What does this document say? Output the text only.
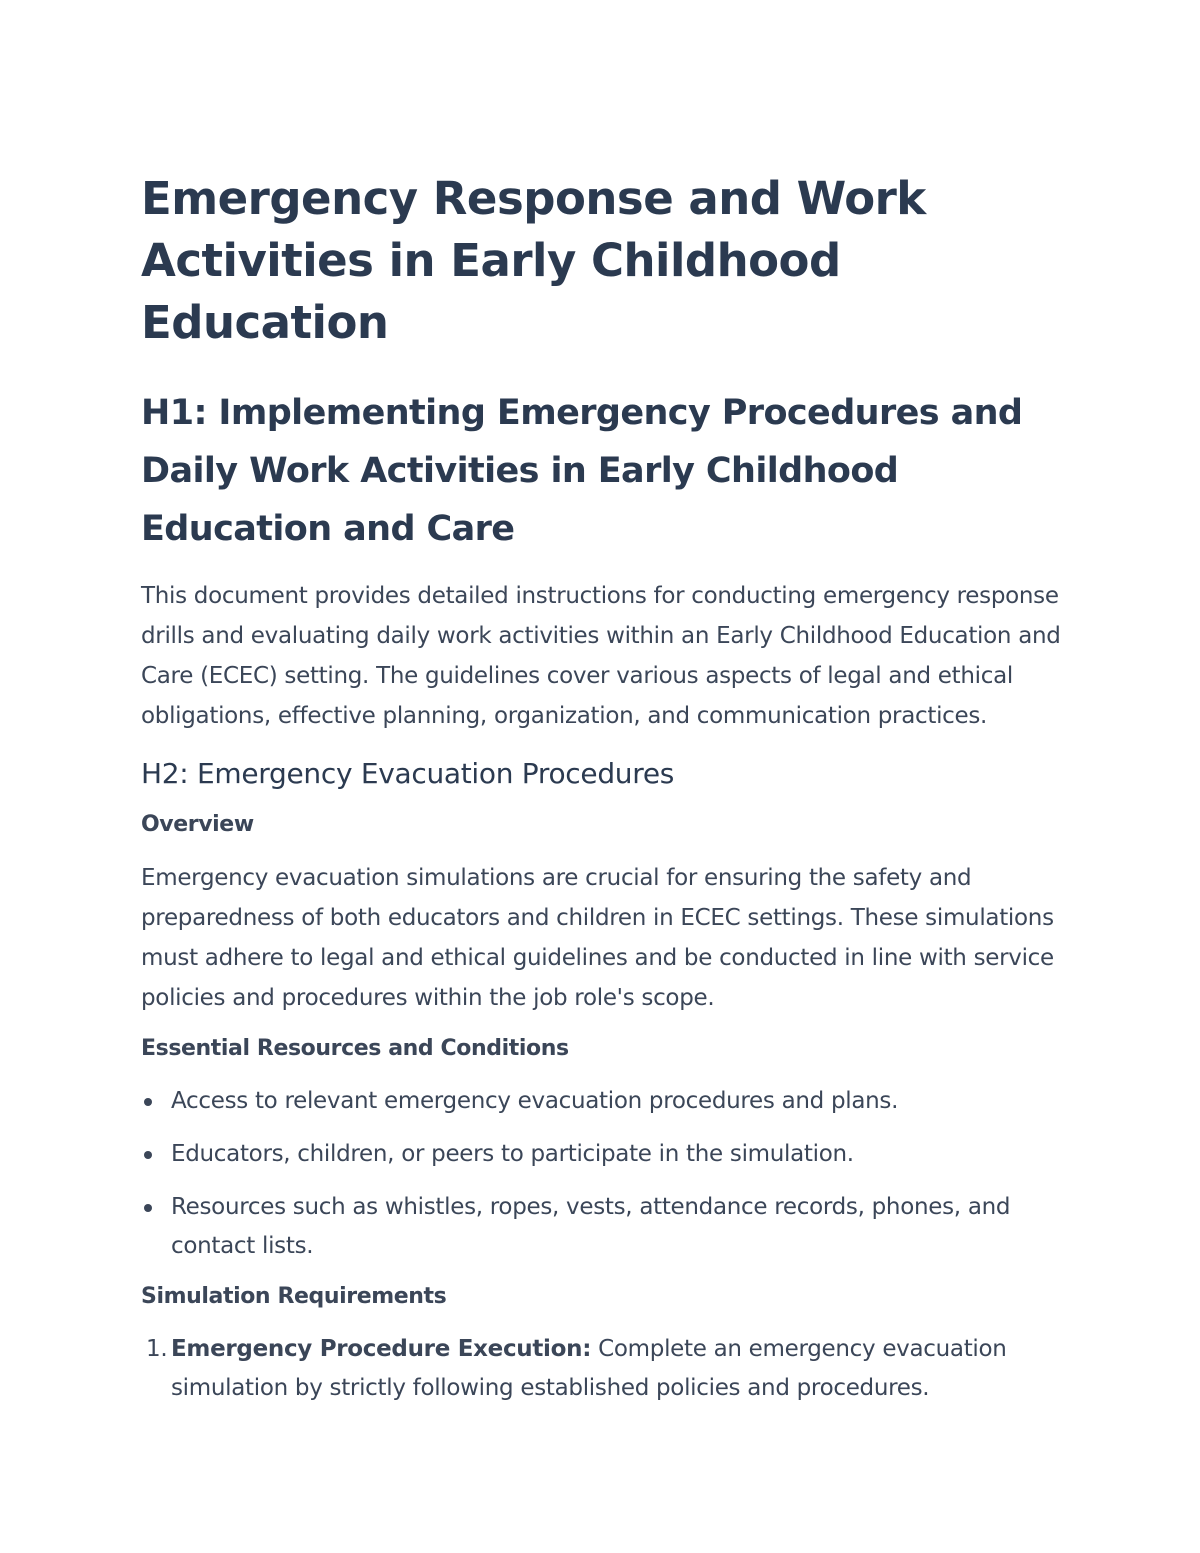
Emergency Response and Work Activities in Early Childhood Education
H1: Implementing Emergency Procedures and Daily Work Activities in Early Childhood Education and Care

This document provides detailed instructions for conducting emergency response drills and evaluating daily work activities within an Early Childhood Education and Care (ECEC) setting. The guidelines cover various aspects of legal and ethical obligations, effective planning, organization, and communication practices.

H2: Emergency Evacuation Procedures
Overview

Emergency evacuation simulations are crucial for ensuring the safety and preparedness of both educators and children in ECEC settings. These simulations must adhere to legal and ethical guidelines and be conducted in line with service policies and procedures within the job role's scope.

Essential Resources and Conditions
Access to relevant emergency evacuation procedures and plans.
Educators, children, or peers to participate in the simulation.
Resources such as whistles, ropes, vests, attendance records, phones, and contact lists.
Simulation Requirements
1. Emergency Procedure Execution: Complete an emergency evacuation simulation by strictly following established policies and procedures.
